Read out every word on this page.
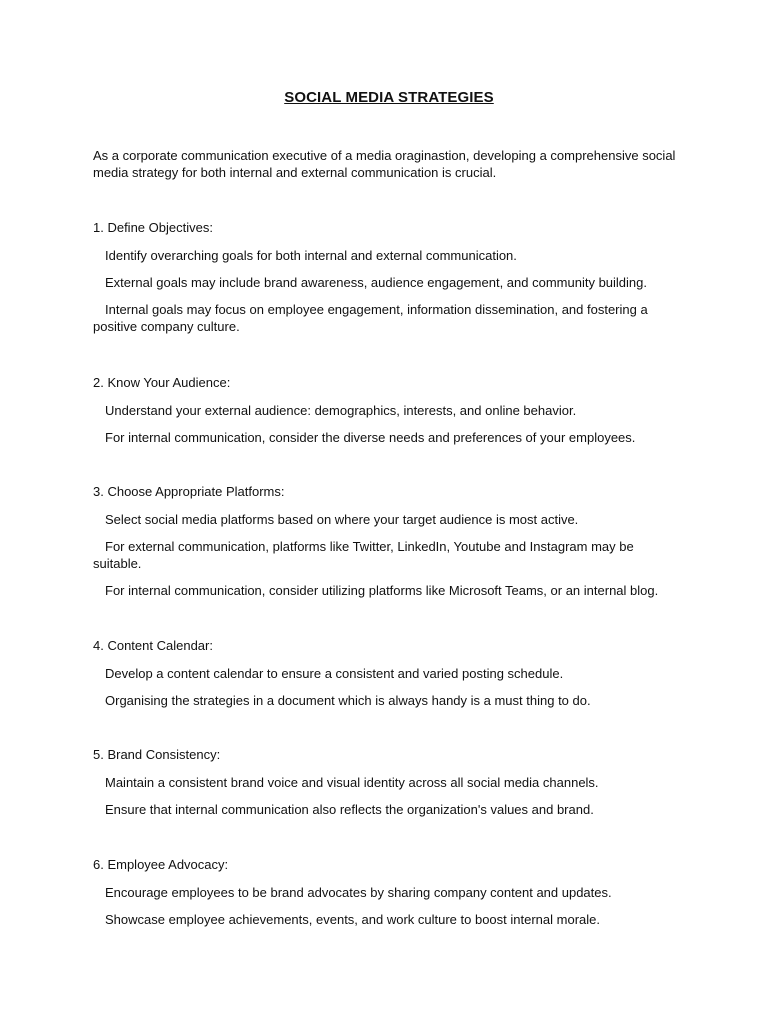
SOCIAL MEDIA STRATEGIES
As a corporate communication executive of a media oraginastion, developing a comprehensive social media strategy for both internal and external communication is crucial.
1. Define Objectives:
Identify overarching goals for both internal and external communication.
External goals may include brand awareness, audience engagement, and community building.
Internal goals may focus on employee engagement, information dissemination, and fostering a positive company culture.
2. Know Your Audience:
Understand your external audience: demographics, interests, and online behavior.
For internal communication, consider the diverse needs and preferences of your employees.
3. Choose Appropriate Platforms:
Select social media platforms based on where your target audience is most active.
For external communication, platforms like Twitter, LinkedIn, Youtube and Instagram may be suitable.
For internal communication, consider utilizing platforms like Microsoft Teams, or an internal blog.
4. Content Calendar:
Develop a content calendar to ensure a consistent and varied posting schedule.
Organising the strategies in a document which is always handy is a must thing to do.
5. Brand Consistency:
Maintain a consistent brand voice and visual identity across all social media channels.
Ensure that internal communication also reflects the organization's values and brand.
6. Employee Advocacy:
Encourage employees to be brand advocates by sharing company content and updates.
Showcase employee achievements, events, and work culture to boost internal morale.
